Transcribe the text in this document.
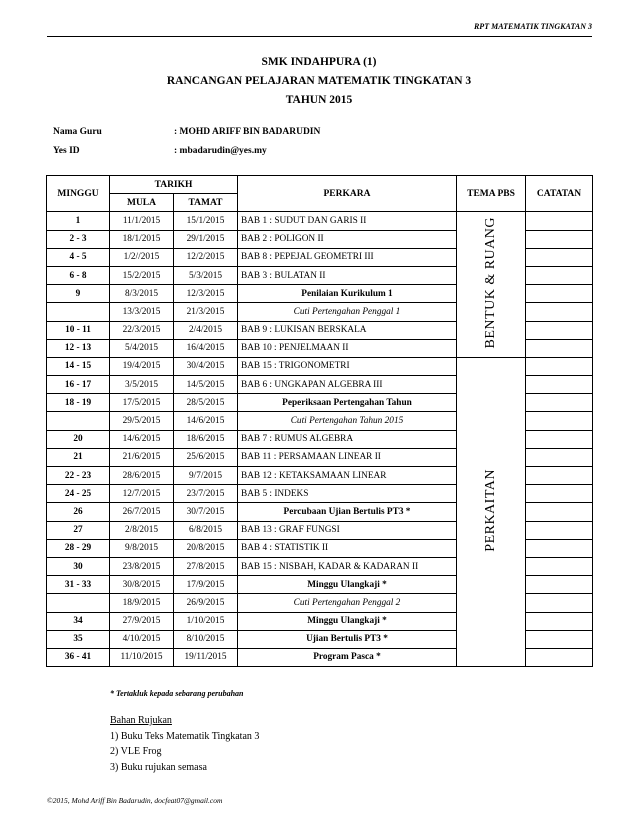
RPT MATEMATIK TINGKATAN 3
SMK INDAHPURA (1)
RANCANGAN PELAJARAN MATEMATIK TINGKATAN 3
TAHUN 2015
Nama Guru	: MOHD ARIFF BIN BADARUDIN
Yes ID	: mbadarudin@yes.my
MINGGU	TARIKH		PERKARA	TEMA PBS	CATATAN
	MULA	TAMAT			
1	11/1/2015	15/1/2015	BAB 1 : SUDUT DAN GARIS II	BENTUK & RUANG	
2 - 3	18/1/2015	29/1/2015	BAB 2 : POLIGON II		
4 - 5	1/2//2015	12/2/2015	BAB 8 : PEPEJAL GEOMETRI III		
6 - 8	15/2/2015	5/3/2015	BAB 3 : BULATAN II		
9	8/3/2015	12/3/2015	Penilaian Kurikulum 1		
	13/3/2015	21/3/2015	Cuti Pertengahan Penggal 1		
10 - 11	22/3/2015	2/4/2015	BAB 9 : LUKISAN BERSKALA		
12 - 13	5/4/2015	16/4/2015	BAB 10 : PENJELMAAN II		
14 - 15	19/4/2015	30/4/2015	BAB 15 : TRIGONOMETRI	PERKAITAN	
16 - 17	3/5/2015	14/5/2015	BAB 6 : UNGKAPAN ALGEBRA III		
18 - 19	17/5/2015	28/5/2015	Peperiksaan Pertengahan Tahun		
	29/5/2015	14/6/2015	Cuti Pertengahan Tahun 2015		
20	14/6/2015	18/6/2015	BAB 7 : RUMUS ALGEBRA		
21	21/6/2015	25/6/2015	BAB 11 : PERSAMAAN LINEAR II		
22 - 23	28/6/2015	9/7/2015	BAB 12 : KETAKSAMAAN LINEAR		
24 - 25	12/7/2015	23/7/2015	BAB 5 : INDEKS		
26	26/7/2015	30/7/2015	Percubaan Ujian Bertulis PT3 *		
27	2/8/2015	6/8/2015	BAB 13 : GRAF FUNGSI		
28 - 29	9/8/2015	20/8/2015	BAB 4 : STATISTIK II		
30	23/8/2015	27/8/2015	BAB 15 : NISBAH, KADAR & KADARAN II		
31 - 33	30/8/2015	17/9/2015	Minggu Ulangkaji *		
	18/9/2015	26/9/2015	Cuti Pertengahan Penggal 2		
34	27/9/2015	1/10/2015	Minggu Ulangkaji *		
35	4/10/2015	8/10/2015	Ujian Bertulis PT3 *		
36 - 41	11/10/2015	19/11/2015	Program Pasca *		
* Tertakluk kepada sebarang perubahan
Bahan Rujukan
1) Buku Teks Matematik Tingkatan 3
2) VLE Frog
3) Buku rujukan semasa
©2015, Mohd Ariff Bin Badarudin, docfeat07@gmail.com
